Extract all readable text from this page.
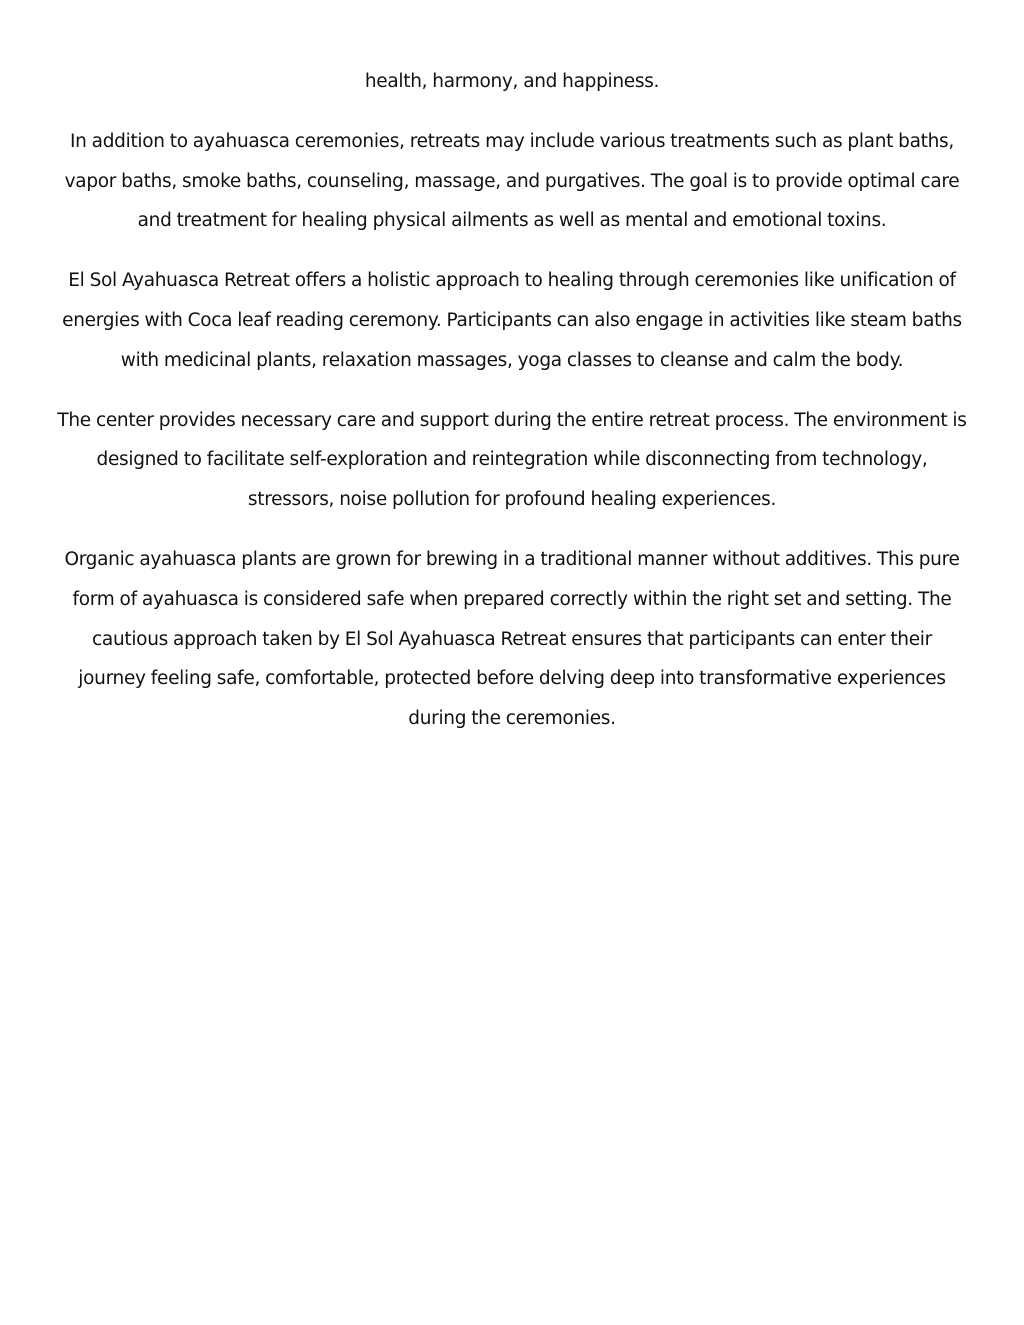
health, harmony, and happiness.

In addition to ayahuasca ceremonies, retreats may include various treatments such as plant baths, vapor baths, smoke baths, counseling, massage, and purgatives. The goal is to provide optimal care and treatment for healing physical ailments as well as mental and emotional toxins.

El Sol Ayahuasca Retreat offers a holistic approach to healing through ceremonies like unification of energies with Coca leaf reading ceremony. Participants can also engage in activities like steam baths with medicinal plants, relaxation massages, yoga classes to cleanse and calm the body.

The center provides necessary care and support during the entire retreat process. The environment is designed to facilitate self-exploration and reintegration while disconnecting from technology, stressors, noise pollution for profound healing experiences.

Organic ayahuasca plants are grown for brewing in a traditional manner without additives. This pure form of ayahuasca is considered safe when prepared correctly within the right set and setting. The cautious approach taken by El Sol Ayahuasca Retreat ensures that participants can enter their journey feeling safe, comfortable, protected before delving deep into transformative experiences during the ceremonies.
